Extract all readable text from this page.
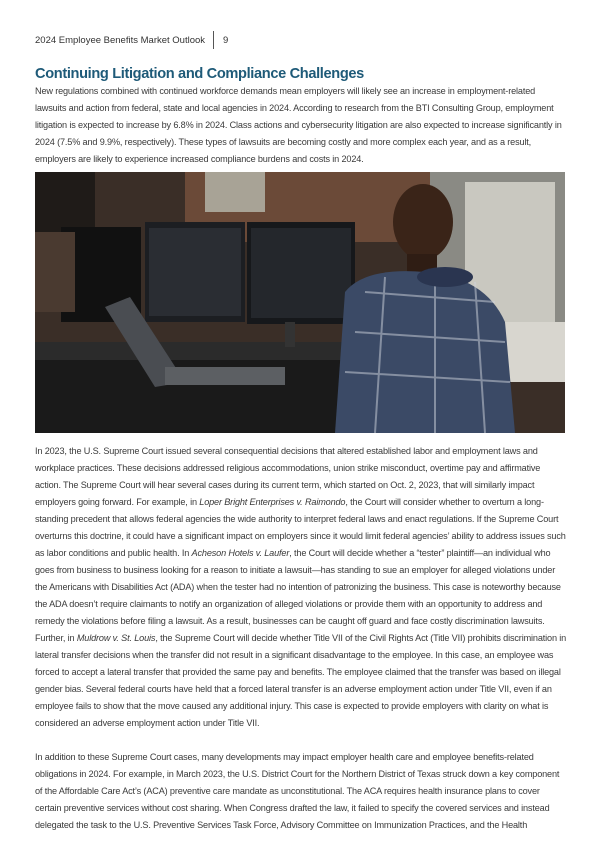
2024 Employee Benefits Market Outlook 9
Continuing Litigation and Compliance Challenges
New regulations combined with continued workforce demands mean employers will likely see an increase in employment-related lawsuits and action from federal, state and local agencies in 2024. According to research from the BTI Consulting Group, employment litigation is expected to increase by 6.8% in 2024. Class actions and cybersecurity litigation are also expected to increase significantly in 2024 (7.5% and 9.9%, respectively). These types of lawsuits are becoming costly and more complex each year, and as a result, employers are likely to experience increased compliance burdens and costs in 2024.
In 2023, the U.S. Supreme Court issued several consequential decisions that altered established labor and employment laws and workplace practices. These decisions addressed religious accommodations, union strike misconduct, overtime pay and affirmative action. The Supreme Court will hear several cases during its current term, which started on Oct. 2, 2023, that will similarly impact employers going forward. For example, in Loper Bright Enterprises v. Raimondo, the Court will consider whether to overturn a long-standing precedent that allows federal agencies the wide authority to interpret federal laws and enact regulations. If the Supreme Court overturns this doctrine, it could have a significant impact on employers since it would limit federal agencies’ ability to address issues such as labor conditions and public health. In Acheson Hotels v. Laufer, the Court will decide whether a “tester” plaintiff—an individual who goes from business to business looking for a reason to initiate a lawsuit—has standing to sue an employer for alleged violations under the Americans with Disabilities Act (ADA) when the tester had no intention of patronizing the business. This case is noteworthy because the ADA doesn’t require claimants to notify an organization of alleged violations or provide them with an opportunity to address and remedy the violations before filing a lawsuit. As a result, businesses can be caught off guard and face costly discrimination lawsuits. Further, in Muldrow v. St. Louis, the Supreme Court will decide whether Title VII of the Civil Rights Act (Title VII) prohibits discrimination in lateral transfer decisions when the transfer did not result in a significant disadvantage to the employee. In this case, an employee was forced to accept a lateral transfer that provided the same pay and benefits. The employee claimed that the transfer was based on illegal gender bias. Several federal courts have held that a forced lateral transfer is an adverse employment action under Title VII, even if an employee fails to show that the move caused any additional injury. This case is expected to provide employers with clarity on what is considered an adverse employment action under Title VII.
In addition to these Supreme Court cases, many developments may impact employer health care and employee benefits-related obligations in 2024. For example, in March 2023, the U.S. District Court for the Northern District of Texas struck down a key component of the Affordable Care Act’s (ACA) preventive care mandate as unconstitutional. The ACA requires health insurance plans to cover certain preventive services without cost sharing. When Congress drafted the law, it failed to specify the covered services and instead delegated the task to the U.S. Preventive Services Task Force, Advisory Committee on Immunization Practices, and the Health
